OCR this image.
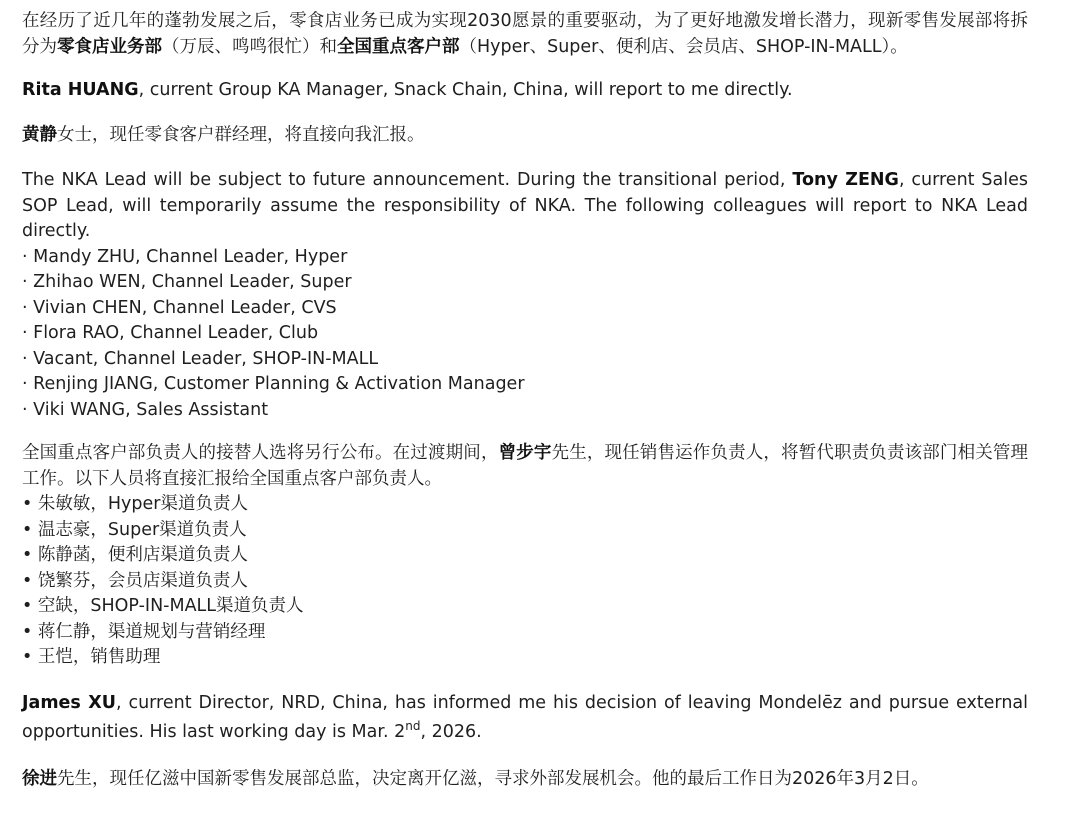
在经历了近几年的蓬勃发展之后，零食店业务已成为实现2030愿景的重要驱动，为了更好地激发增长潜力，现新零售发展部将拆分为零食店业务部（万辰、鸣鸣很忙）和全国重点客户部（Hyper、Super、便利店、会员店、SHOP-IN-MALL）。

Rita HUANG, current Group KA Manager, Snack Chain, China, will report to me directly.

黄静女士，现任零食客户群经理，将直接向我汇报。

The NKA Lead will be subject to future announcement. During the transitional period, Tony ZENG, current Sales SOP Lead, will temporarily assume the responsibility of NKA. The following colleagues will report to NKA Lead directly.

· Mandy ZHU, Channel Leader, Hyper
· Zhihao WEN, Channel Leader, Super
· Vivian CHEN, Channel Leader, CVS
· Flora RAO, Channel Leader, Club
· Vacant, Channel Leader, SHOP-IN-MALL
· Renjing JIANG, Customer Planning & Activation Manager
· Viki WANG, Sales Assistant

全国重点客户部负责人的接替人选将另行公布。在过渡期间，曾步宇先生，现任销售运作负责人，将暂代职责负责该部门相关管理工作。以下人员将直接汇报给全国重点客户部负责人。

• 朱敏敏，Hyper渠道负责人
• 温志豪，Super渠道负责人
• 陈静菡，便利店渠道负责人
• 饶繁芬，会员店渠道负责人
• 空缺，SHOP-IN-MALL渠道负责人
• 蒋仁静，渠道规划与营销经理
• 王恺，销售助理

James XU, current Director, NRD, China, has informed me his decision of leaving Mondelēz and pursue external opportunities. His last working day is Mar. 2nd, 2026.

徐进先生，现任亿滋中国新零售发展部总监，决定离开亿滋，寻求外部发展机会。他的最后工作日为2026年3月2日。
